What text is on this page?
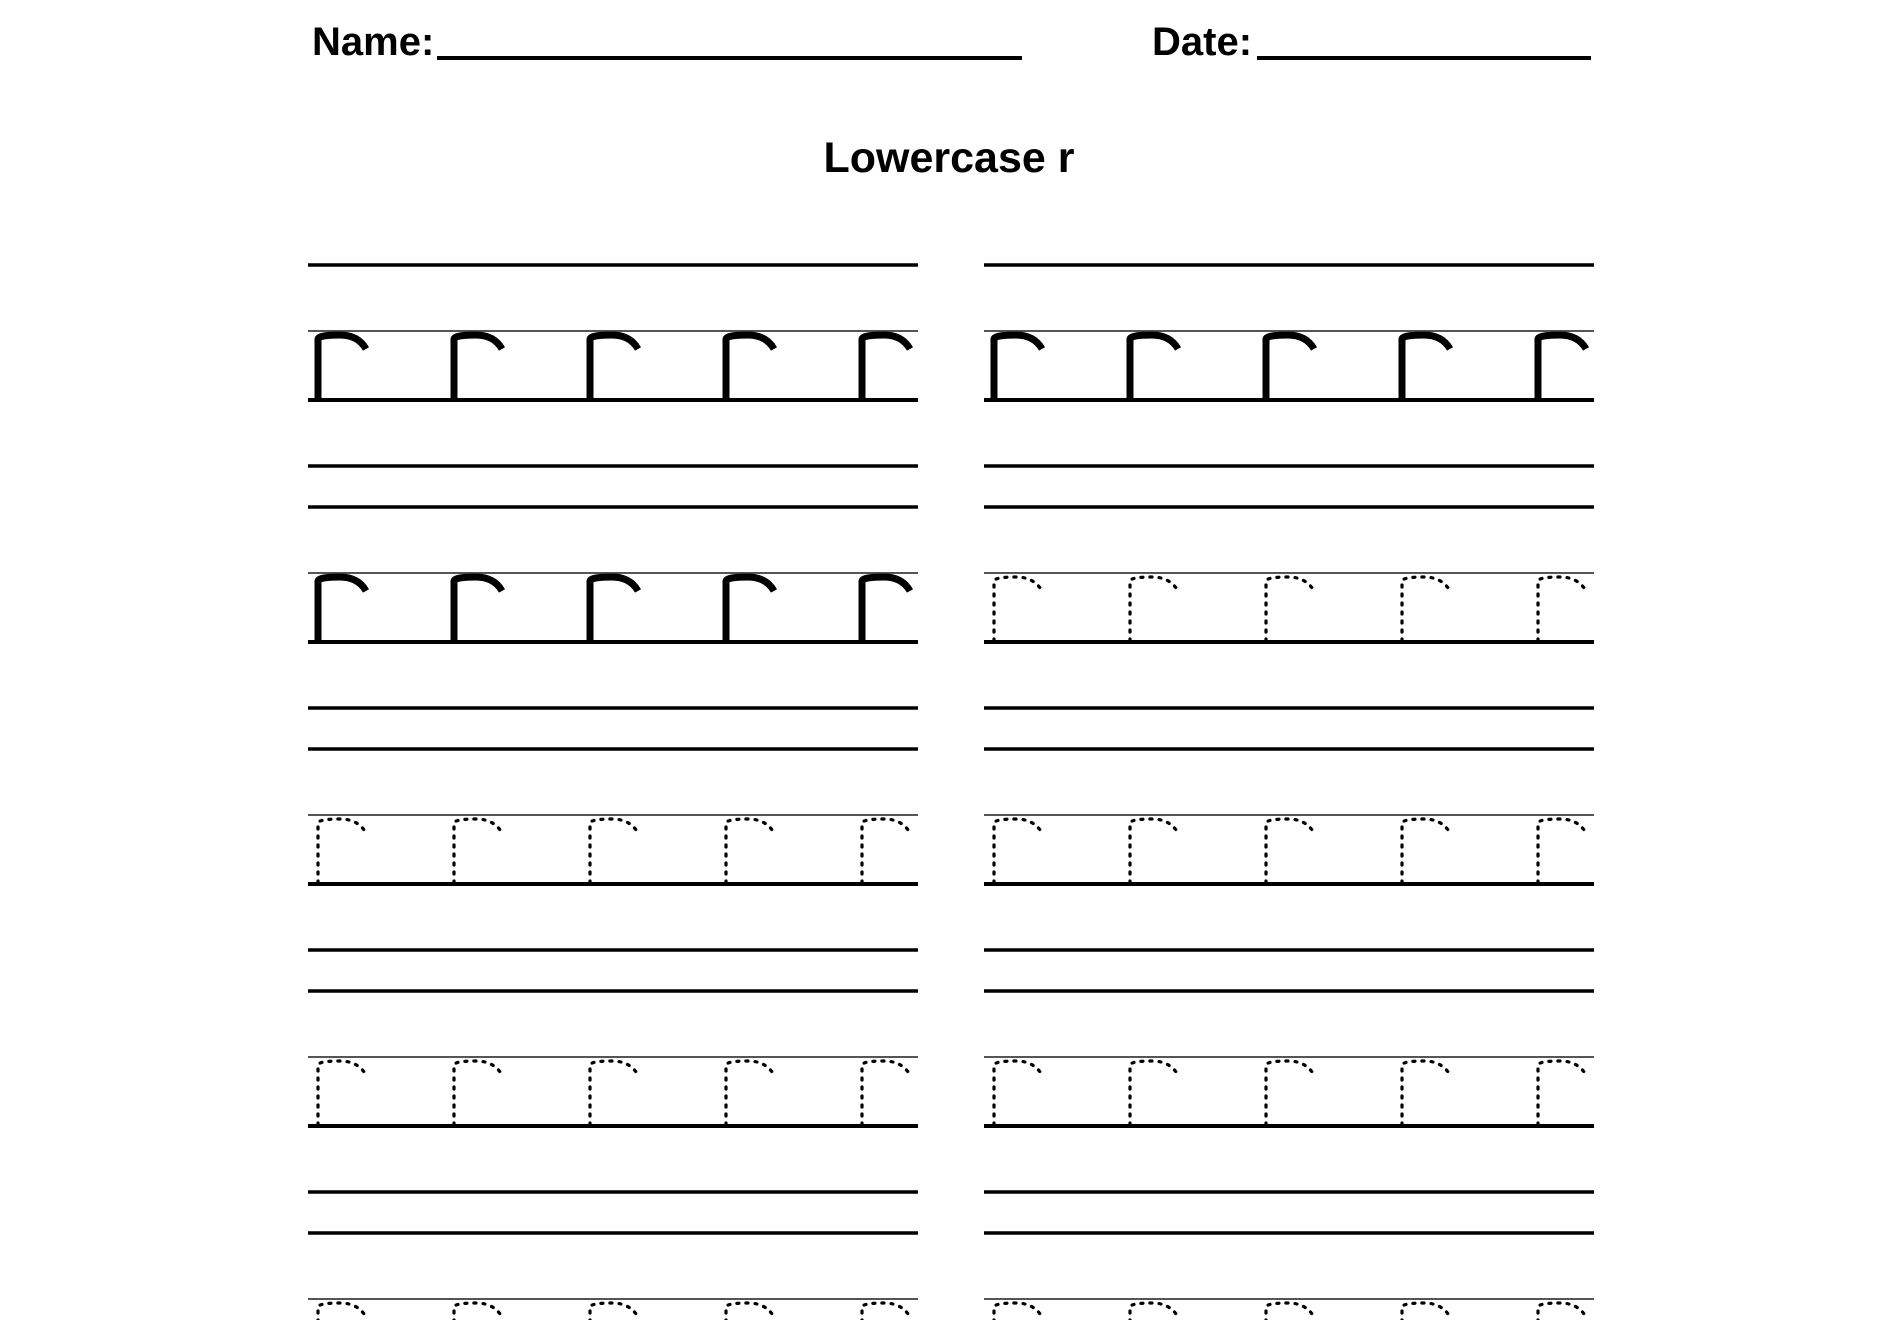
Name:	Date:
Lowercase r
